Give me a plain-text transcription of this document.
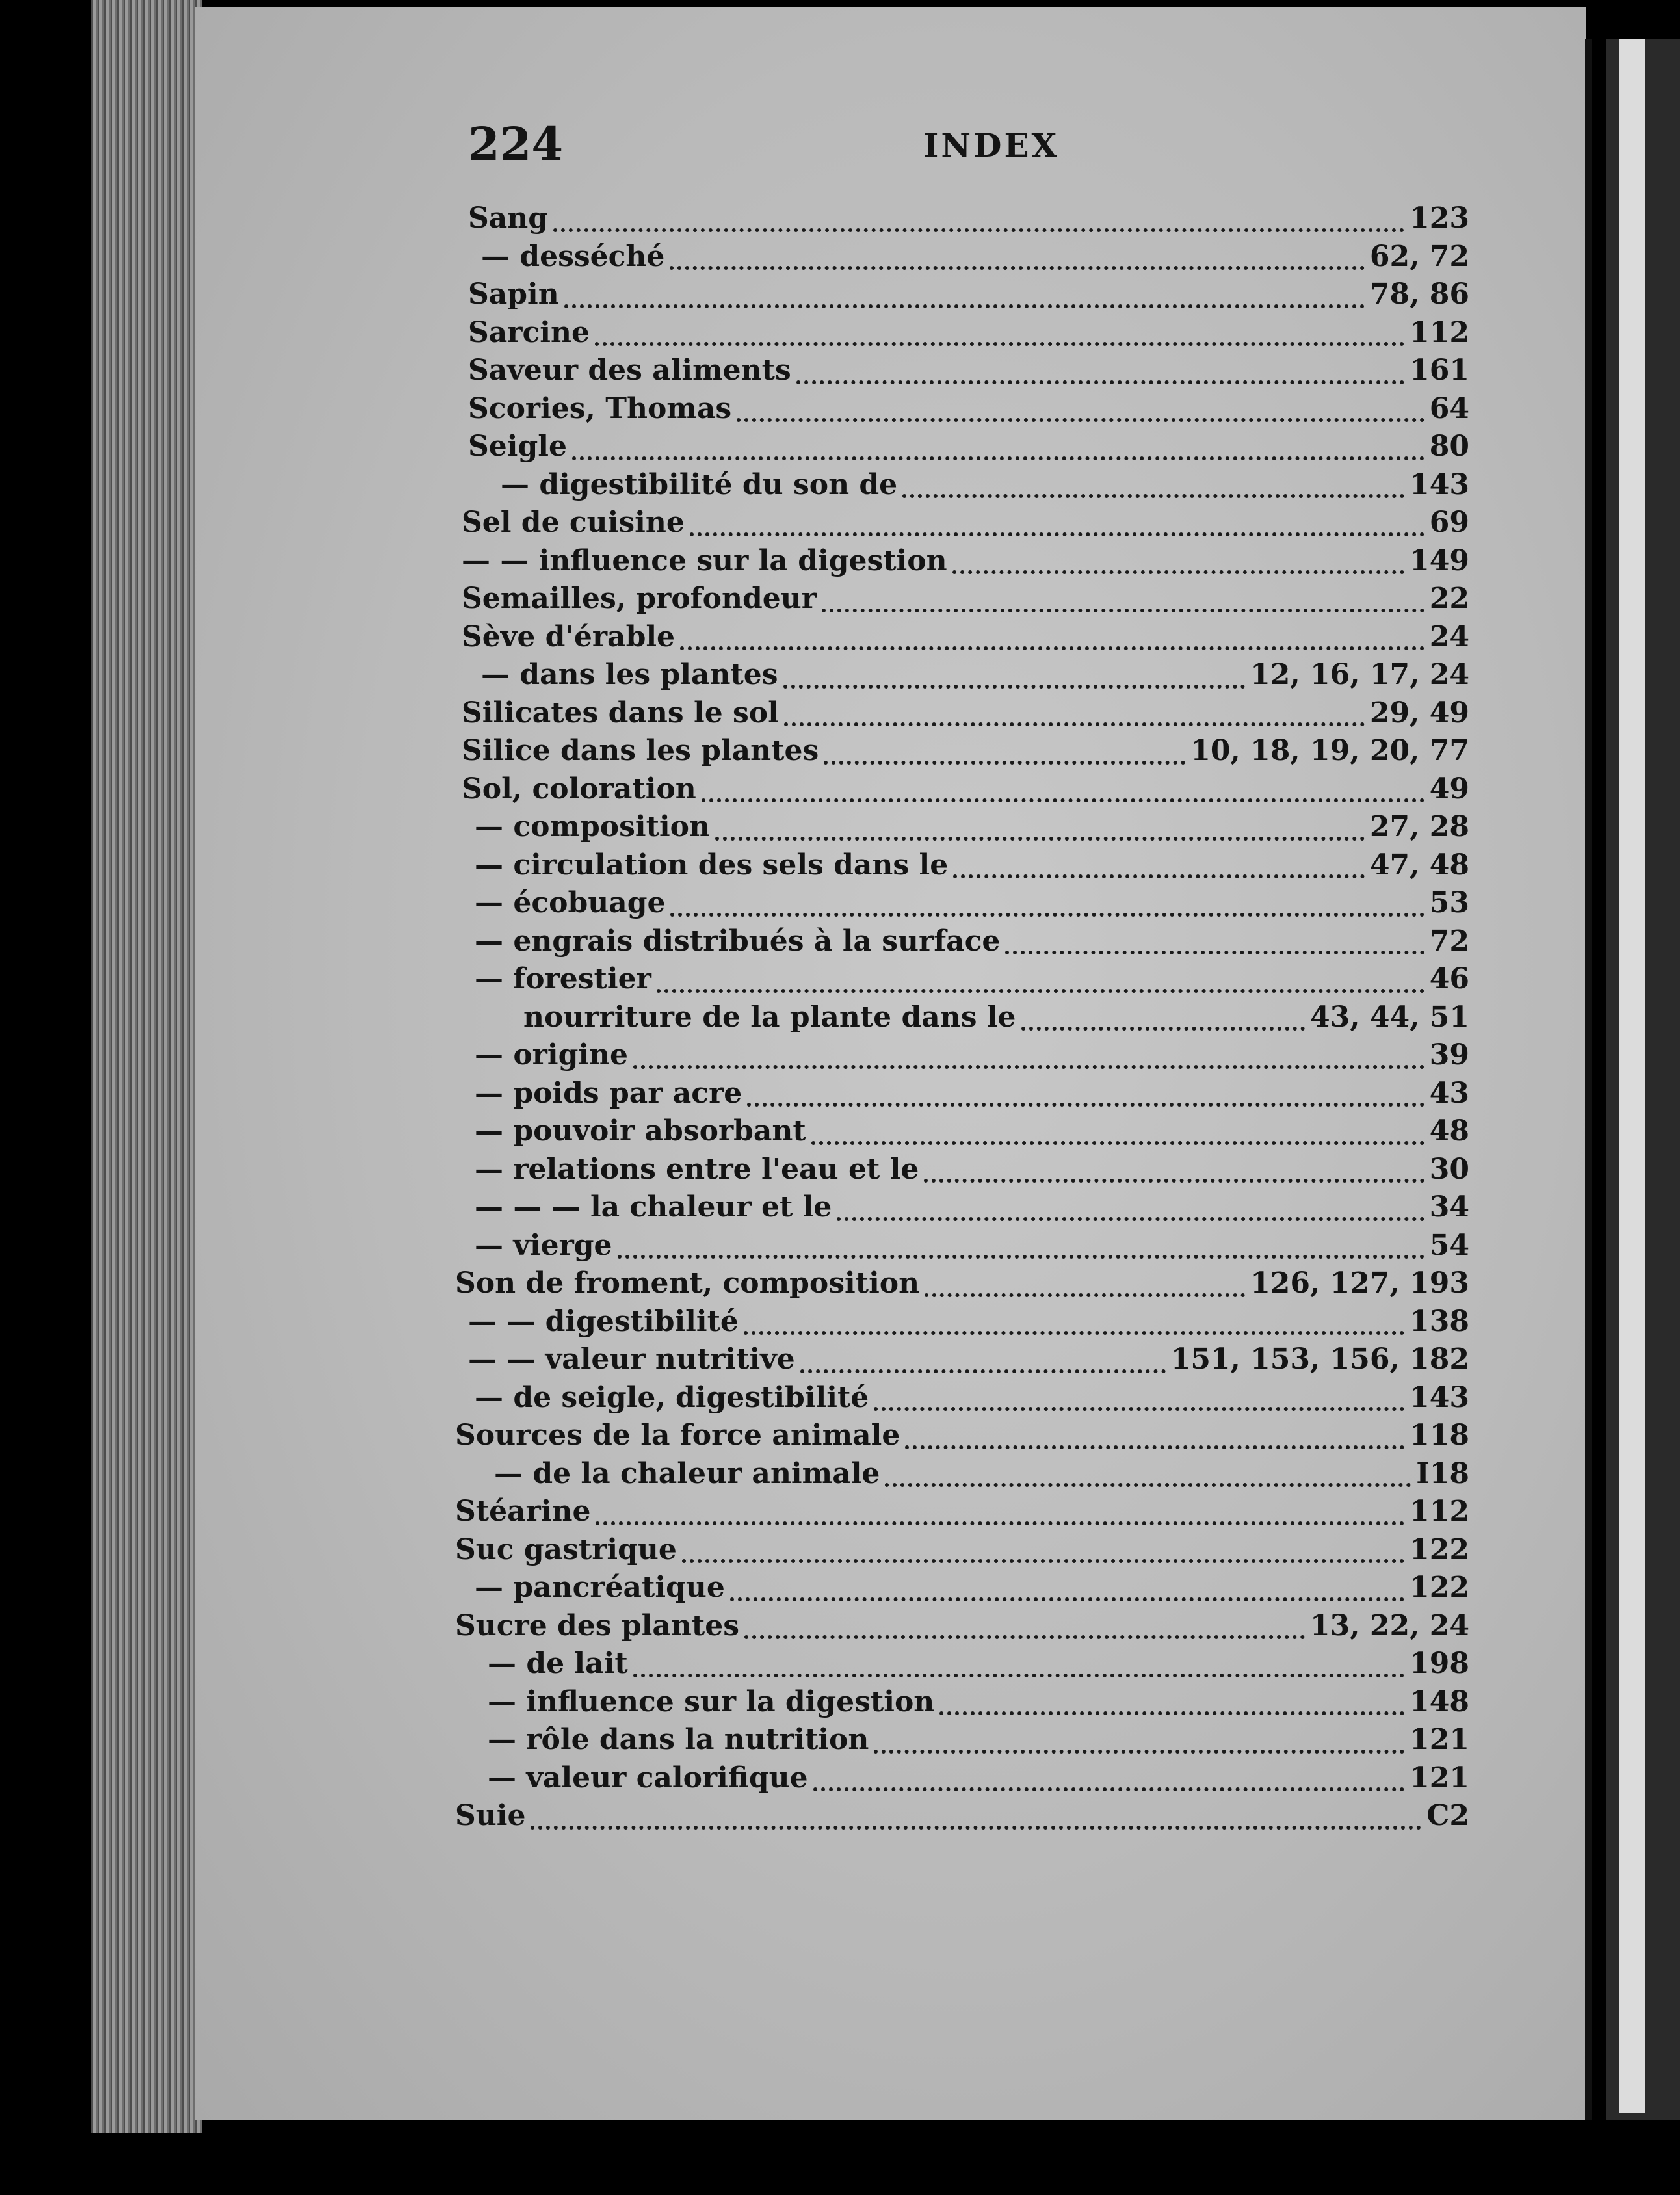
224	INDEX
Sang	123
— desséché	62, 72
Sapin	78, 86
Sarcine	112
Saveur des aliments	161
Scories, Thomas	64
Seigle	80
— digestibilité du son de	143
Sel de cuisine	69
— — influence sur la digestion	149
Semailles, profondeur	22
Sève d'érable	24
— dans les plantes	12, 16, 17, 24
Silicates dans le sol	29, 49
Silice dans les plantes	10, 18, 19, 20, 77
Sol, coloration	49
— composition	27, 28
— circulation des sels dans le	47, 48
— écobuage	53
— engrais distribués à la surface	72
— forestier	46
nourriture de la plante dans le	43, 44, 51
— origine	39
— poids par acre	43
— pouvoir absorbant	48
— relations entre l'eau et le	30
— — — la chaleur et le	34
— vierge	54
Son de froment, composition	126, 127, 193
— — digestibilité	138
— — valeur nutritive	151, 153, 156, 182
— de seigle, digestibilité	143
Sources de la force animale	118
— de la chaleur animale	I18
Stéarine	112
Suc gastrique	122
— pancréatique	122
Sucre des plantes	13, 22, 24
— de lait	198
— influence sur la digestion	148
— rôle dans la nutrition	121
— valeur calorifique	121
Suie	C2
